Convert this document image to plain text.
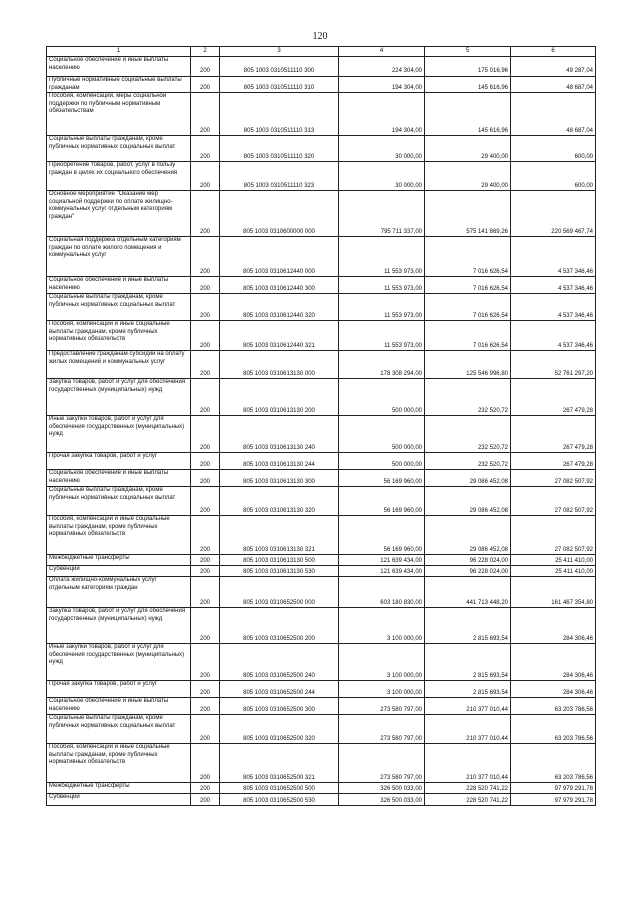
120
1	2	3	4	5	6
Социальное обеспечение и иные выплаты населению	200	805 1003 0310511110 300	224 304,00	175 016,96	49 287,04
Публичные нормативные социальные выплаты гражданам	200	805 1003 0310511110 310	194 304,00	145 616,96	48 687,04
Пособия, компенсации, меры социальной поддержки по публичным нормативным обязательствам	200	805 1003 0310511110 313	194 304,00	145 616,96	48 687,04
Социальные выплаты гражданам, кроме публичных нормативных социальных выплат	200	805 1003 0310511110 320	30 000,00	29 400,00	600,00
Приобретение товаров, работ, услуг в пользу граждан в целях их социального обеспечения	200	805 1003 0310511110 323	30 000,00	29 400,00	600,00
Основное мероприятие "Оказание мер социальной поддержки по оплате жилищно-коммунальных услуг отдельным категориям граждан"	200	805 1003 0310600000 000	795 711 337,00	575 141 869,26	220 569 467,74
Социальная поддержка отдельным категориям граждан по оплате жилого помещения и коммунальных услуг	200	805 1003 0310612440 000	11 553 973,00	7 016 626,54	4 537 346,46
Социальное обеспечение и иные выплаты населению	200	805 1003 0310612440 300	11 553 973,00	7 016 626,54	4 537 346,46
Социальные выплаты гражданам, кроме публичных нормативных социальных выплат	200	805 1003 0310612440 320	11 553 973,00	7 016 626,54	4 537 346,46
Пособия, компенсации и иные социальные выплаты гражданам, кроме публичных нормативных обязательств	200	805 1003 0310612440 321	11 553 973,00	7 016 626,54	4 537 346,46
Предоставление гражданам субсидий на оплату жилых помещений и коммунальных услуг	200	805 1003 0310613130 000	178 308 294,00	125 546 996,80	52 761 297,20
Закупка товаров, работ и услуг для обеспечения государственных (муниципальных) нужд	200	805 1003 0310613130 200	500 000,00	232 520,72	267 479,28
Иные закупки товаров, работ и услуг для обеспечения государственных (муниципальных) нужд	200	805 1003 0310613130 240	500 000,00	232 520,72	267 479,28
Прочая закупка товаров, работ и услуг	200	805 1003 0310613130 244	500 000,00	232 520,72	267 479,28
Социальное обеспечение и иные выплаты населению	200	805 1003 0310613130 300	56 169 960,00	29 086 452,08	27 082 507,92
Социальные выплаты гражданам, кроме публичных нормативных социальных выплат	200	805 1003 0310613130 320	56 169 960,00	29 086 452,08	27 082 507,92
Пособия, компенсации и иные социальные выплаты гражданам, кроме публичных нормативных обязательств	200	805 1003 0310613130 321	56 169 960,00	29 086 452,08	27 082 507,92
Межбюджетные трансферты	200	805 1003 0310613130 500	121 639 434,00	96 228 024,00	25 411 410,00
Субвенции	200	805 1003 0310613130 530	121 639 434,00	96 228 024,00	25 411 410,00
Оплата жилищно-коммунальных услуг отдельным категориям граждан	200	805 1003 0310652500 000	603 180 830,00	441 713 448,20	161 467 354,80
Закупка товаров, работ и услуг для обеспечения государственных (муниципальных) нужд	200	805 1003 0310652500 200	3 100 000,00	2 815 693,54	284 306,46
Иные закупки товаров, работ и услуг для обеспечения государственных (муниципальных) нужд	200	805 1003 0310652500 240	3 100 000,00	2 815 693,54	284 306,46
Прочая закупка товаров, работ и услуг	200	805 1003 0310652500 244	3 100 000,00	2 815 693,54	284 306,46
Социальное обеспечение и иные выплаты населению	200	805 1003 0310652500 300	273 580 797,00	210 377 010,44	63 203 786,56
Социальные выплаты гражданам, кроме публичных нормативных социальных выплат	200	805 1003 0310652500 320	273 580 797,00	210 377 010,44	63 203 786,56
Пособия, компенсации и иные социальные выплаты гражданам, кроме публичных нормативных обязательств	200	805 1003 0310652500 321	273 580 797,00	210 377 010,44	63 203 786,56
Межбюджетные трансферты	200	805 1003 0310652500 500	326 500 033,00	228 520 741,22	97 979 291,78
Субвенции	200	805 1003 0310652500 530	326 500 033,00	228 520 741,22	97 979 291,78
